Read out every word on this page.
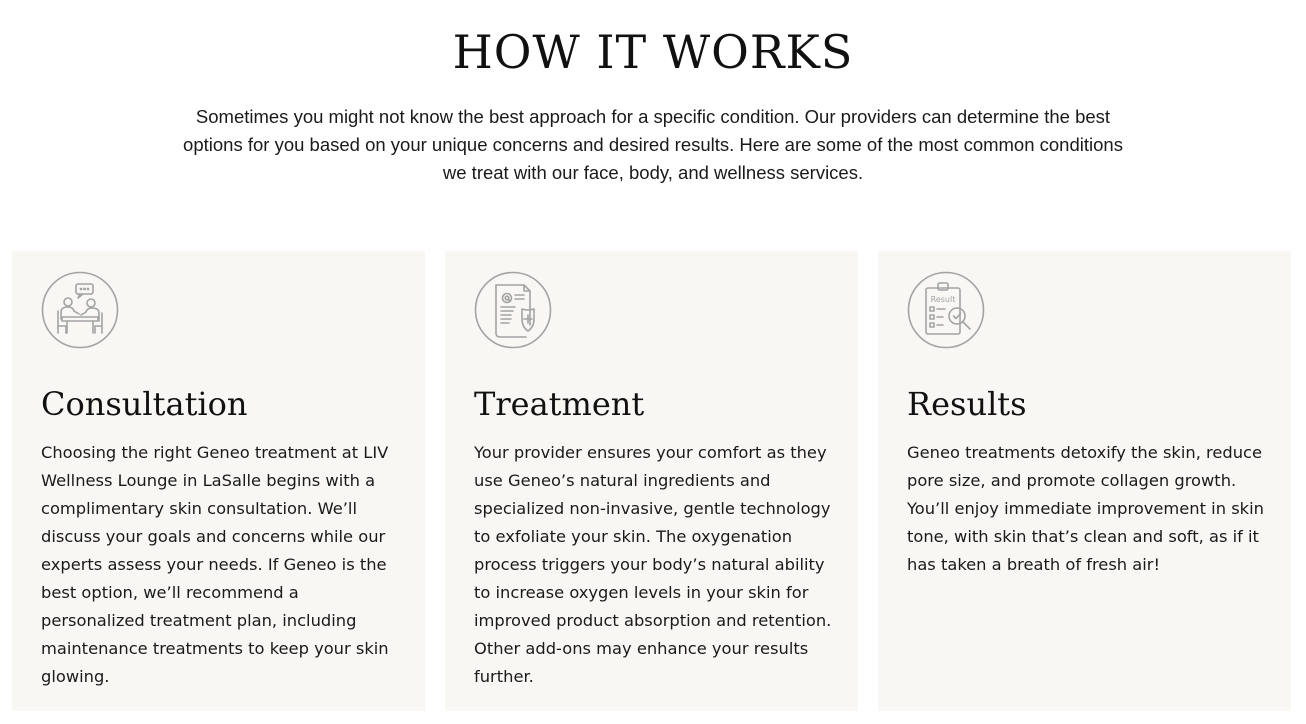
HOW IT WORKS

Sometimes you might not know the best approach for a specific condition. Our providers can determine the best options for you based on your unique concerns and desired results. Here are some of the most common conditions we treat with our face, body, and wellness services.

Consultation

Choosing the right Geneo treatment at LIV Wellness Lounge in LaSalle begins with a complimentary skin consultation. We’ll discuss your goals and concerns while our experts assess your needs. If Geneo is the best option, we’ll recommend a personalized treatment plan, including maintenance treatments to keep your skin glowing.

Treatment

Your provider ensures your comfort as they use Geneo’s natural ingredients and specialized non-invasive, gentle technology to exfoliate your skin. The oxygenation process triggers your body’s natural ability to increase oxygen levels in your skin for improved product absorption and retention. Other add-ons may enhance your results further.

Result
Results

Geneo treatments detoxify the skin, reduce pore size, and promote collagen growth. You’ll enjoy immediate improvement in skin tone, with skin that’s clean and soft, as if it has taken a breath of fresh air!
